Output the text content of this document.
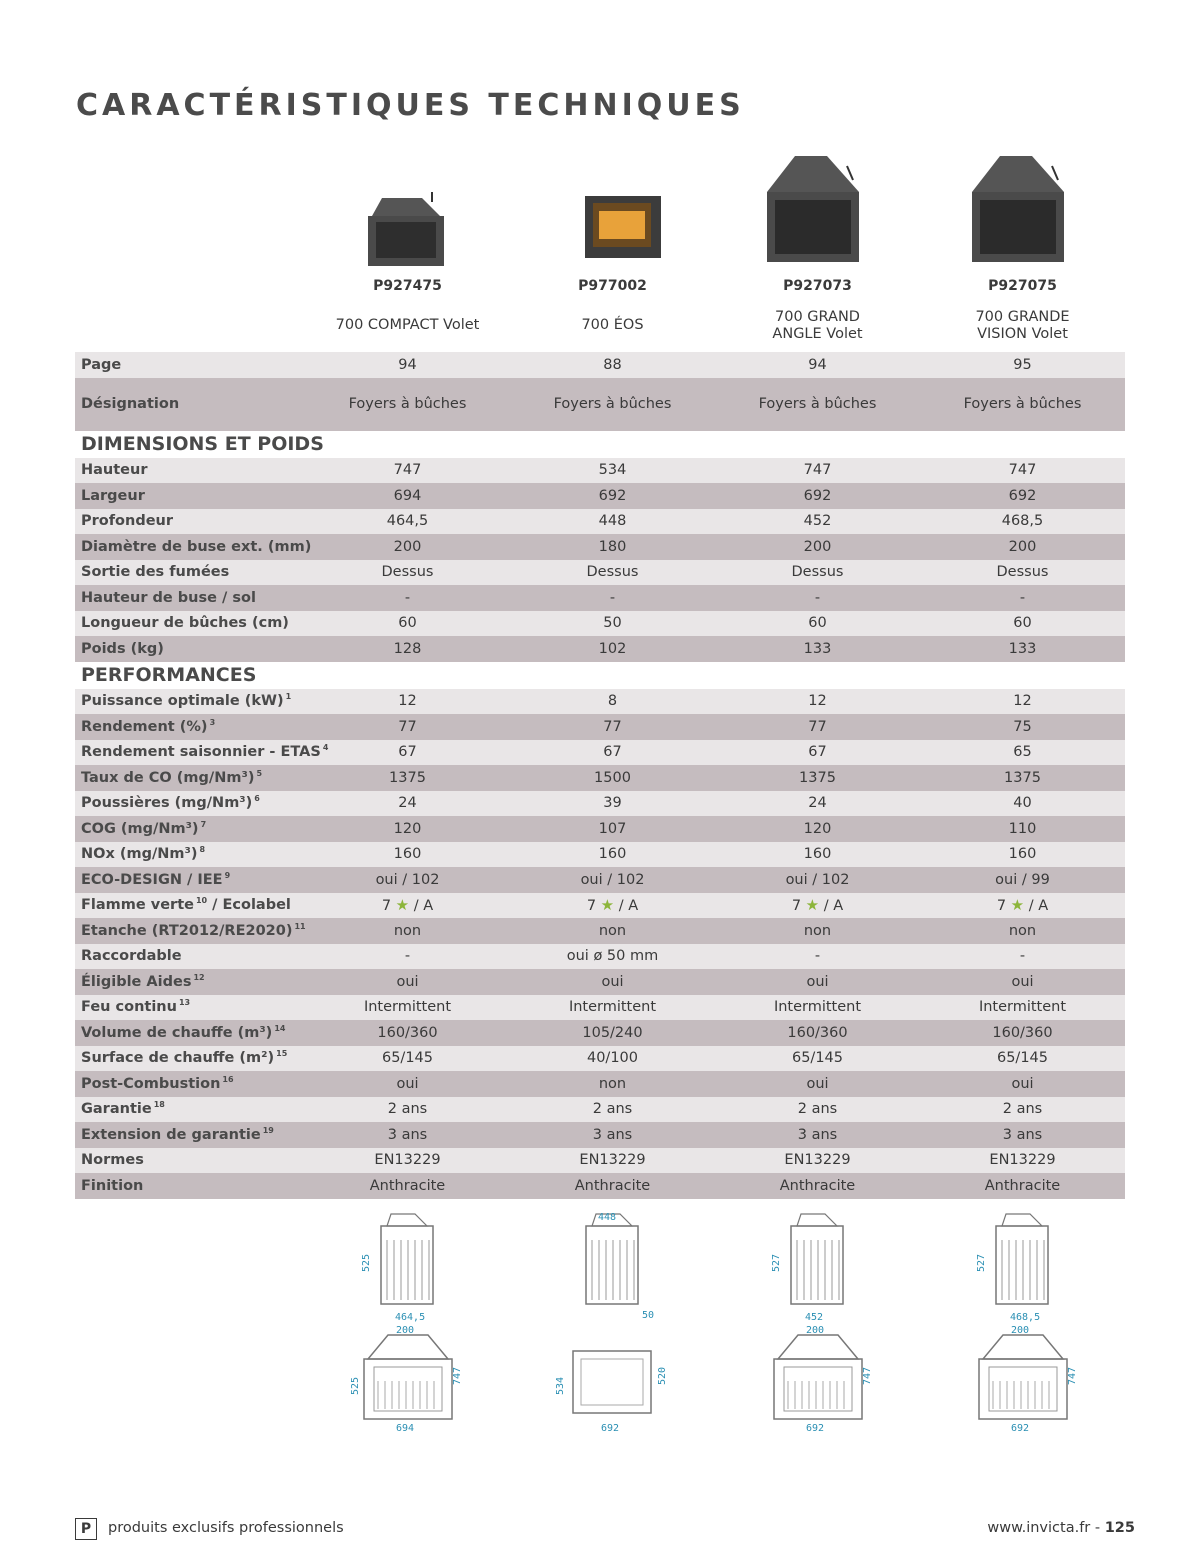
CARACTÉRISTIQUES TECHNIQUES
P927475
700 COMPACT Volet
P977002
700 ÉOS
P927073
700 GRAND ANGLE Volet
P927075
700 GRANDE VISION Volet
Page	94	88	94	95
Désignation	Foyers à bûches	Foyers à bûches	Foyers à bûches	Foyers à bûches
DIMENSIONS ET POIDS				
Hauteur	747	534	747	747
Largeur	694	692	692	692
Profondeur	464,5	448	452	468,5
Diamètre de buse ext. (mm)	200	180	200	200
Sortie des fumées	Dessus	Dessus	Dessus	Dessus
Hauteur de buse / sol	-	-	-	-
Longueur de bûches (cm)	60	50	60	60
Poids (kg)	128	102	133	133
PERFORMANCES				
Puissance optimale (kW) $^1$	12	8	12	12
Rendement (%) $^3$	77	77	77	75
Rendement saisonnier - ETAS $^4$	67	67	67	65
Taux de CO (mg/Nm³) $^5$	1375	1500	1375	1375
Poussières (mg/Nm³) $^6$	24	39	24	40
COG (mg/Nm³) $^7$	120	107	120	110
NOx (mg/Nm³) $^8$	160	160	160	160
ECO-DESIGN / IEE $^9$	oui / 102	oui / 102	oui / 102	oui / 99
Flamme verte $^{10}$ / Ecolabel	7 ★ / A	7 ★ / A	7 ★ / A	7 ★ / A
Etanche (RT2012/RE2020) $^{11}$	non	non	non	non
Raccordable	-	oui ø 50 mm	-	-
Éligible Aides $^{12}$	oui	oui	oui	oui
Feu continu $^{13}$	Intermittent	Intermittent	Intermittent	Intermittent
Volume de chauffe (m³) $^{14}$	160/360	105/240	160/360	160/360
Surface de chauffe (m²) $^{15}$	65/145	40/100	65/145	65/145
Post-Combustion $^{16}$	oui	non	oui	oui
Garantie $^{18}$	2 ans	2 ans	2 ans	2 ans
Extension de garantie $^{19}$	3 ans	3 ans	3 ans	3 ans
Normes	EN13229	EN13229	EN13229	EN13229
Finition	Anthracite	Anthracite	Anthracite	Anthracite
525
464,5
200
525
747
694
448
50
534
520
692
527
452
200
747
692
527
468,5
200
747
692
P	produits exclusifs professionnels	www.invicta.fr - 125
